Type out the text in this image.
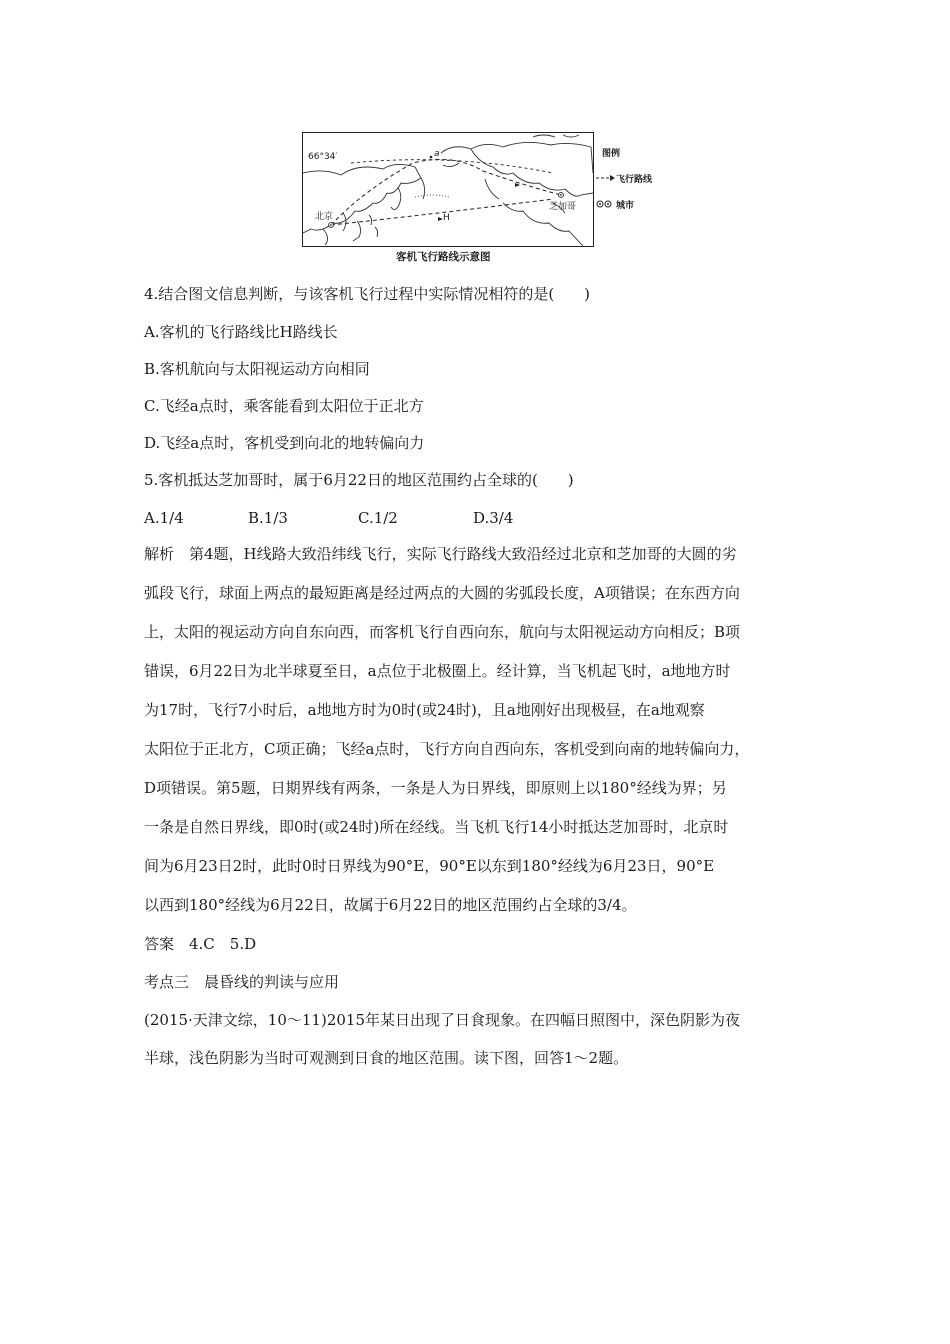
66°34′	a
北京
芝加哥
H
图例
飞行路线
城市
客机飞行路线示意图
4.结合图文信息判断，与该客机飞行过程中实际情况相符的是(　　)
A.客机的飞行路线比H路线长
B.客机航向与太阳视运动方向相同
C.飞经a点时，乘客能看到太阳位于正北方
D.飞经a点时，客机受到向北的地转偏向力
5.客机抵达芝加哥时，属于6月22日的地区范围约占全球的(　　)
A.1/4	B.1/3	C.1/2	D.3/4
解析　第4题，H线路大致沿纬线飞行，实际飞行路线大致沿经过北京和芝加哥的大圆的劣
弧段飞行，球面上两点的最短距离是经过两点的大圆的劣弧段长度，A项错误；在东西方向
上，太阳的视运动方向自东向西，而客机飞行自西向东，航向与太阳视运动方向相反；B项
错误，6月22日为北半球夏至日，a点位于北极圈上。经计算，当飞机起飞时，a地地方时
为17时，飞行7小时后，a地地方时为0时(或24时)，且a地刚好出现极昼，在a地观察
太阳位于正北方，C项正确；飞经a点时，飞行方向自西向东，客机受到向南的地转偏向力，
D项错误。第5题，日期界线有两条，一条是人为日界线，即原则上以180°经线为界；另
一条是自然日界线，即0时(或24时)所在经线。当飞机飞行14小时抵达芝加哥时，北京时
间为6月23日2时，此时0时日界线为90°E，90°E以东到180°经线为6月23日，90°E
以西到180°经线为6月22日，故属于6月22日的地区范围约占全球的3/4。
答案　4.C　5.D
考点三　晨昏线的判读与应用
(2015·天津文综，10～11)2015年某日出现了日食现象。在四幅日照图中，深色阴影为夜
半球，浅色阴影为当时可观测到日食的地区范围。读下图，回答1～2题。
